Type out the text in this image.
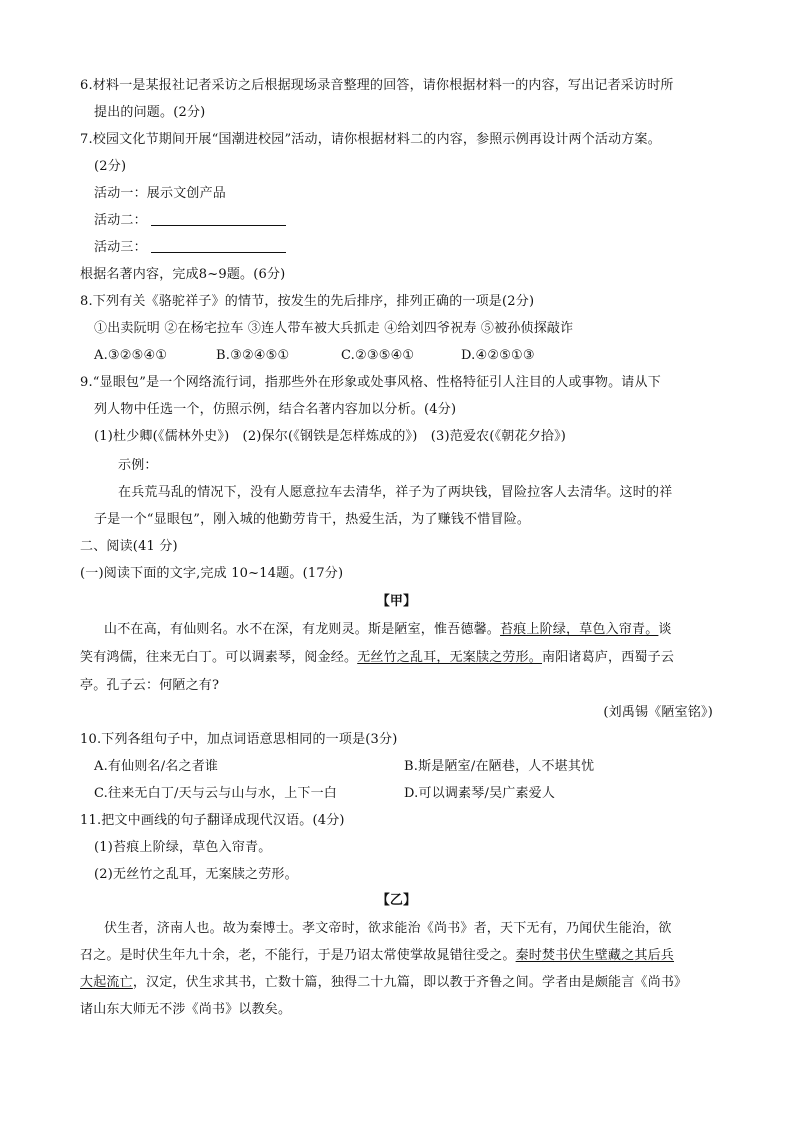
6.材料一是某报社记者采访之后根据现场录音整理的回答，请你根据材料一的内容，写出记者采访时所
提出的问题。(2分)
7.校园文化节期间开展“国潮进校园”活动，请你根据材料二的内容，参照示例再设计两个活动方案。
(2分)
活动一：展示文创产品
活动二：
活动三：
根据名著内容，完成8~9题。(6分)
8.下列有关《骆驼祥子》的情节，按发生的先后排序，排列正确的一项是(2分)
①出卖阮明 ②在杨宅拉车 ③连人带车被大兵抓走 ④给刘四爷祝寿 ⑤被孙侦探敲诈
A.③②⑤④①	B.③②④⑤①	C.②③⑤④①	D.④②⑤①③
9.“显眼包”是一个网络流行词，指那些外在形象或处事风格、性格特征引人注目的人或事物。请从下
列人物中任选一个，仿照示例，结合名著内容加以分析。(4分)
(1)杜少卿(《儒林外史》)　(2)保尔(《钢铁是怎样炼成的》)　(3)范爱农(《朝花夕拾》)
示例：
在兵荒马乱的情况下，没有人愿意拉车去清华，祥子为了两块钱，冒险拉客人去清华。这时的祥
子是一个“显眼包”，刚入城的他勤劳肯干，热爱生活，为了赚钱不惜冒险。
二、阅读(41 分)
(一)阅读下面的文字,完成 10~14题。(17分)
【甲】
山不在高，有仙则名。水不在深，有龙则灵。斯是陋室，惟吾德馨。苔痕上阶绿，草色入帘青。谈
笑有鸿儒，往来无白丁。可以调素琴，阅金经。无丝竹之乱耳，无案牍之劳形。南阳诸葛庐，西蜀子云
亭。孔子云：何陋之有?
(刘禹锡《陋室铭》)
10.下列各组句子中，加点词语意思相同的一项是(3分)
A.有仙则名/名之者谁	B.斯是陋室/在陋巷，人不堪其忧
C.往来无白丁/天与云与山与水，上下一白	D.可以调素琴/吴广素爱人
11.把文中画线的句子翻译成现代汉语。(4分)
(1)苔痕上阶绿，草色入帘青。
(2)无丝竹之乱耳，无案牍之劳形。
【乙】
伏生者，济南人也。故为秦博士。孝文帝时，欲求能治《尚书》者，天下无有，乃闻伏生能治，欲
召之。是时伏生年九十余，老，不能行，于是乃诏太常使掌故晁错往受之。秦时焚书伏生壁藏之其后兵
大起流亡，汉定，伏生求其书，亡数十篇，独得二十九篇，即以教于齐鲁之间。学者由是颇能言《尚书》
诸山东大师无不涉《尚书》以教矣。
